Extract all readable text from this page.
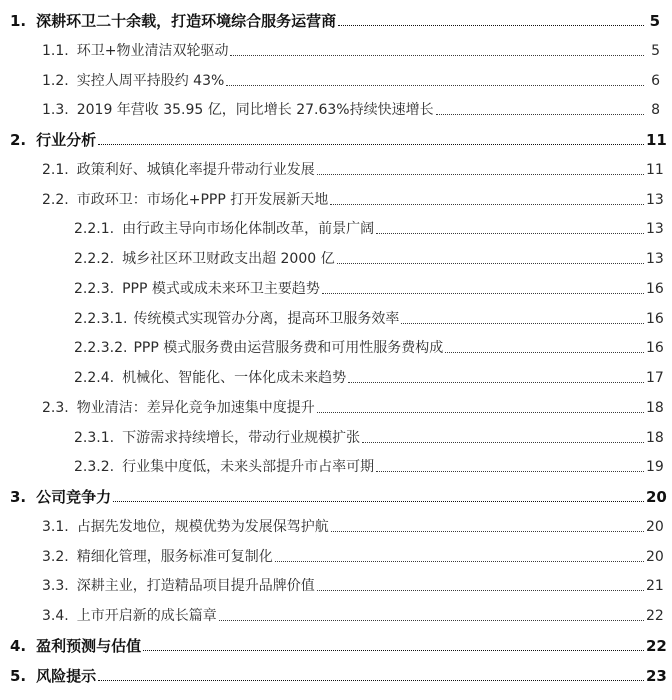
1. 深耕环卫二十余载，打造环境综合服务运营商	5
1.1. 环卫+物业清洁双轮驱动	5
1.2. 实控人周平持股约 43%	6
1.3. 2019 年营收 35.95 亿，同比增长 27.63%持续快速增长	8
2. 行业分析	11
2.1. 政策利好、城镇化率提升带动行业发展	11
2.2. 市政环卫：市场化+PPP 打开发展新天地	13
2.2.1. 由行政主导向市场化体制改革，前景广阔	13
2.2.2. 城乡社区环卫财政支出超 2000 亿	13
2.2.3. PPP 模式或成未来环卫主要趋势	16
2.2.3.1. 传统模式实现管办分离，提高环卫服务效率	16
2.2.3.2. PPP 模式服务费由运营服务费和可用性服务费构成	16
2.2.4. 机械化、智能化、一体化成未来趋势	17
2.3. 物业清洁：差异化竞争加速集中度提升	18
2.3.1. 下游需求持续增长，带动行业规模扩张	18
2.3.2. 行业集中度低，未来头部提升市占率可期	19
3. 公司竞争力	20
3.1. 占据先发地位，规模优势为发展保驾护航	20
3.2. 精细化管理，服务标准可复制化	20
3.3. 深耕主业，打造精品项目提升品牌价值	21
3.4. 上市开启新的成长篇章	22
4. 盈利预测与估值	22
5. 风险提示	23
